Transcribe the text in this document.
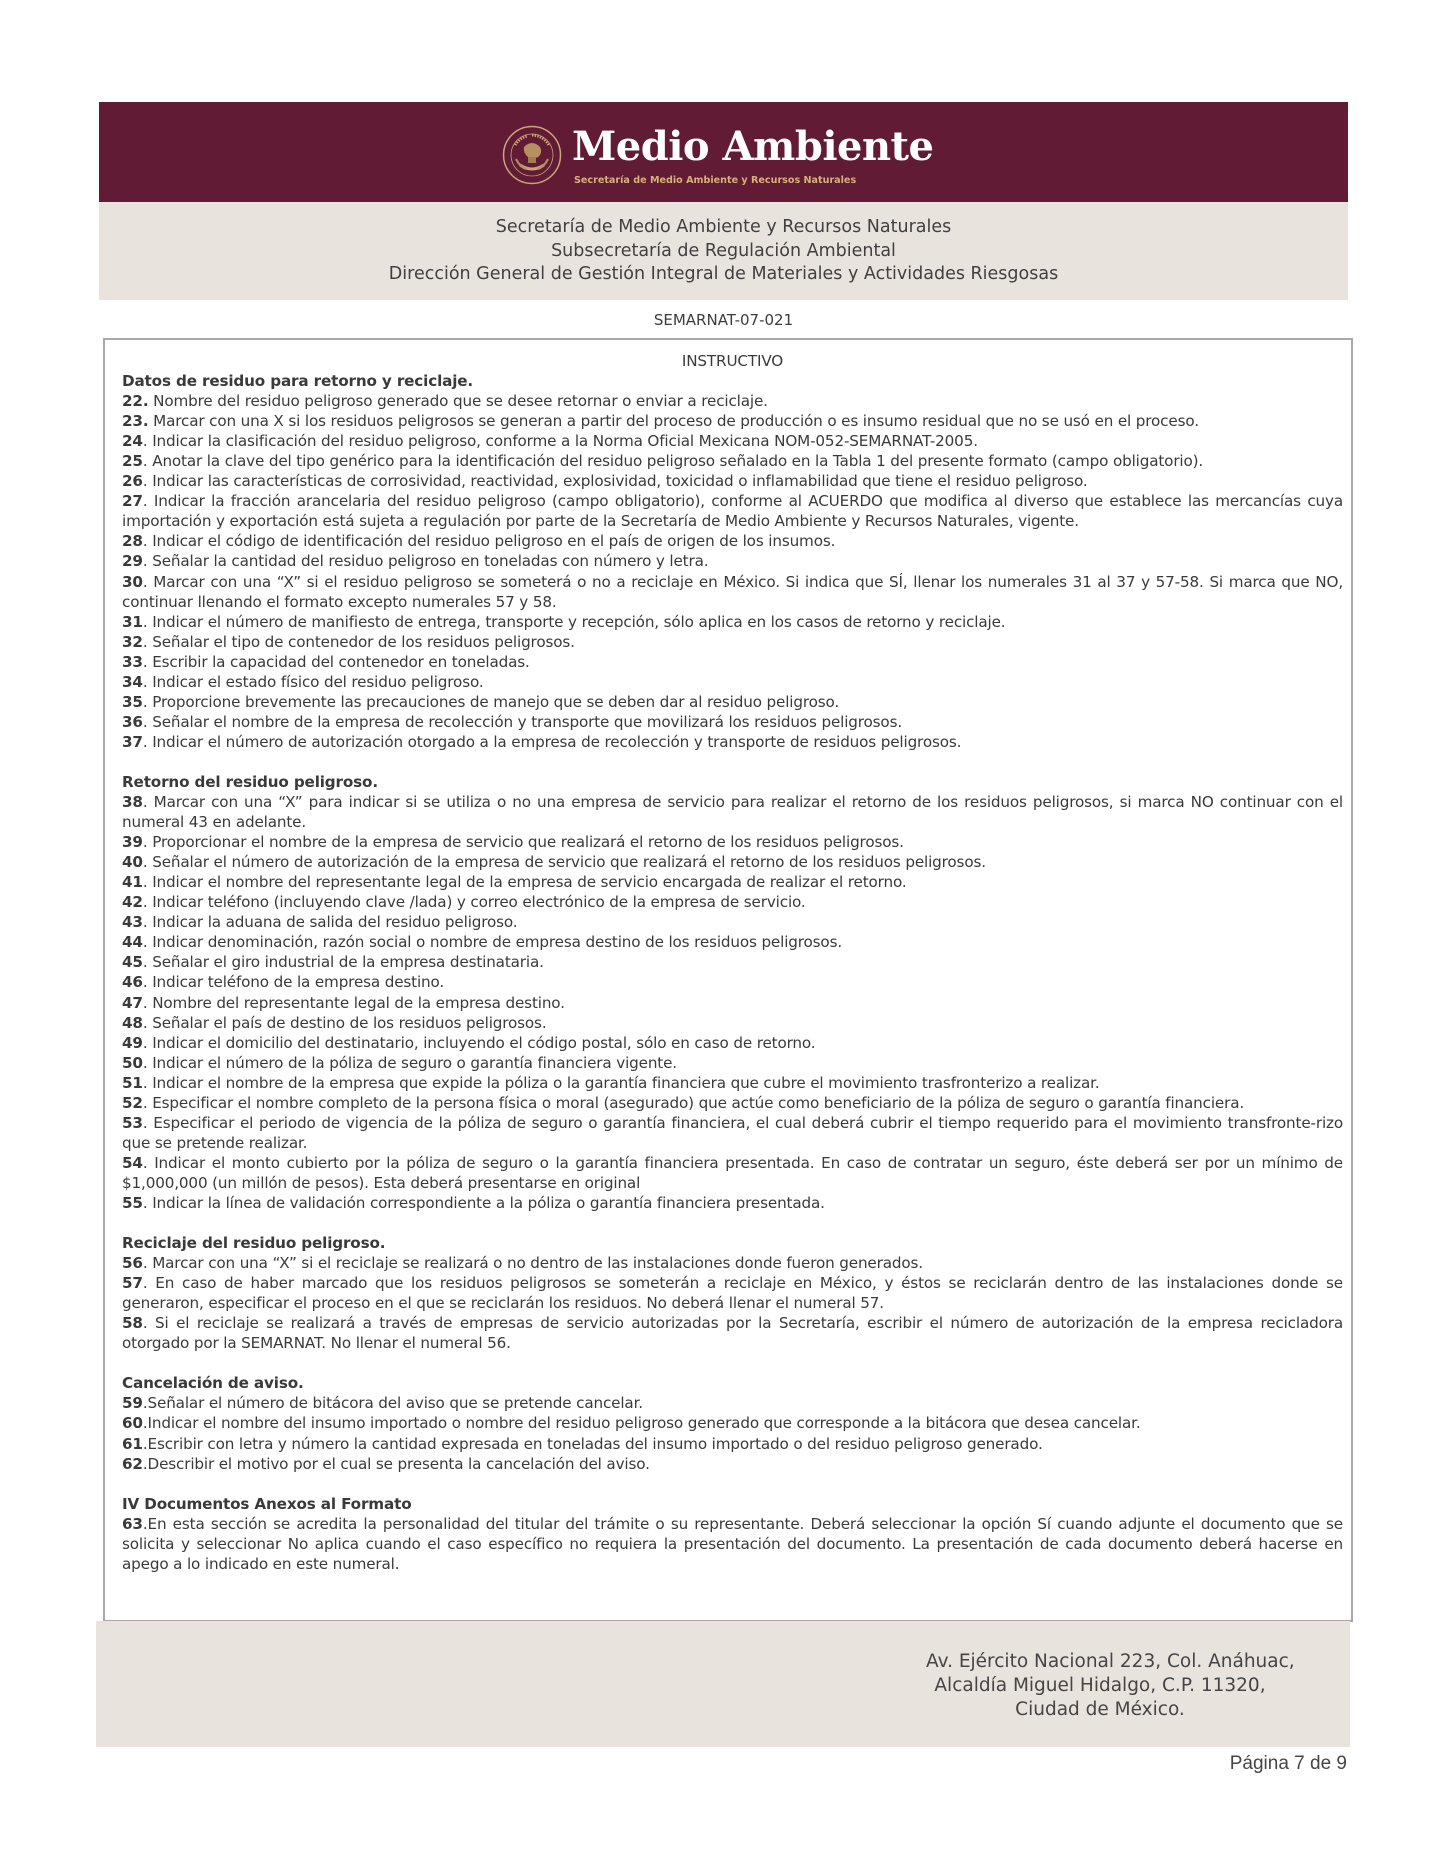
Medio Ambiente
Secretaría de Medio Ambiente y Recursos Naturales
Secretaría de Medio Ambiente y Recursos Naturales
Subsecretaría de Regulación Ambiental
Dirección General de Gestión Integral de Materiales y Actividades Riesgosas
SEMARNAT-07-021
INSTRUCTIVO
Datos de residuo para retorno y reciclaje.

22. Nombre del residuo peligroso generado que se desee retornar o enviar a reciclaje.

23. Marcar con una X si los residuos peligrosos se generan a partir del proceso de producción o es insumo residual que no se usó en el proceso.

24. Indicar la clasificación del residuo peligroso, conforme a la Norma Oficial Mexicana NOM-052-SEMARNAT-2005.

25. Anotar la clave del tipo genérico para la identificación del residuo peligroso señalado en la Tabla 1 del presente formato (campo obligatorio).

26. Indicar las características de corrosividad, reactividad, explosividad, toxicidad o inflamabilidad que tiene el residuo peligroso.

27. Indicar la fracción arancelaria del residuo peligroso (campo obligatorio), conforme al ACUERDO que modifica al diverso que establece las mercancías cuya importación y exportación está sujeta a regulación por parte de la Secretaría de Medio Ambiente y Recursos Naturales, vigente.

28. Indicar el código de identificación del residuo peligroso en el país de origen de los insumos.

29. Señalar la cantidad del residuo peligroso en toneladas con número y letra.

30. Marcar con una “X” si el residuo peligroso se someterá o no a reciclaje en México. Si indica que SÍ, llenar los numerales 31 al 37 y 57-58. Si marca que NO, continuar llenando el formato excepto numerales 57 y 58.

31. Indicar el número de manifiesto de entrega, transporte y recepción, sólo aplica en los casos de retorno y reciclaje.

32. Señalar el tipo de contenedor de los residuos peligrosos.

33. Escribir la capacidad del contenedor en toneladas.

34. Indicar el estado físico del residuo peligroso.

35. Proporcione brevemente las precauciones de manejo que se deben dar al residuo peligroso.

36. Señalar el nombre de la empresa de recolección y transporte que movilizará los residuos peligrosos.

37. Indicar el número de autorización otorgado a la empresa de recolección y transporte de residuos peligrosos.

Retorno del residuo peligroso.

38. Marcar con una “X” para indicar si se utiliza o no una empresa de servicio para realizar el retorno de los residuos peligrosos, si marca NO continuar con el numeral 43 en adelante.

39. Proporcionar el nombre de la empresa de servicio que realizará el retorno de los residuos peligrosos.

40. Señalar el número de autorización de la empresa de servicio que realizará el retorno de los residuos peligrosos.

41. Indicar el nombre del representante legal de la empresa de servicio encargada de realizar el retorno.

42. Indicar teléfono (incluyendo clave /lada) y correo electrónico de la empresa de servicio.

43. Indicar la aduana de salida del residuo peligroso.

44. Indicar denominación, razón social o nombre de empresa destino de los residuos peligrosos.

45. Señalar el giro industrial de la empresa destinataria.

46. Indicar teléfono de la empresa destino.

47. Nombre del representante legal de la empresa destino.

48. Señalar el país de destino de los residuos peligrosos.

49. Indicar el domicilio del destinatario, incluyendo el código postal, sólo en caso de retorno.

50. Indicar el número de la póliza de seguro o garantía financiera vigente.

51. Indicar el nombre de la empresa que expide la póliza o la garantía financiera que cubre el movimiento trasfronterizo a realizar.

52. Especificar el nombre completo de la persona física o moral (asegurado) que actúe como beneficiario de la póliza de seguro o garantía financiera.

53. Especificar el periodo de vigencia de la póliza de seguro o garantía financiera, el cual deberá cubrir el tiempo requerido para el movimiento transfronte-rizo que se pretende realizar.

54. Indicar el monto cubierto por la póliza de seguro o la garantía financiera presentada. En caso de contratar un seguro, éste deberá ser por un mínimo de $1,000,000 (un millón de pesos). Esta deberá presentarse en original

55. Indicar la línea de validación correspondiente a la póliza o garantía financiera presentada.

Reciclaje del residuo peligroso.

56. Marcar con una “X” si el reciclaje se realizará o no dentro de las instalaciones donde fueron generados.

57. En caso de haber marcado que los residuos peligrosos se someterán a reciclaje en México, y éstos se reciclarán dentro de las instalaciones donde se generaron, especificar el proceso en el que se reciclarán los residuos. No deberá llenar el numeral 57.

58. Si el reciclaje se realizará a través de empresas de servicio autorizadas por la Secretaría, escribir el número de autorización de la empresa recicladora otorgado por la SEMARNAT. No llenar el numeral 56.

Cancelación de aviso.

59.Señalar el número de bitácora del aviso que se pretende cancelar.

60.Indicar el nombre del insumo importado o nombre del residuo peligroso generado que corresponde a la bitácora que desea cancelar.

61.Escribir con letra y número la cantidad expresada en toneladas del insumo importado o del residuo peligroso generado.

62.Describir el motivo por el cual se presenta la cancelación del aviso.

IV Documentos Anexos al Formato

63.En esta sección se acredita la personalidad del titular del trámite o su representante. Deberá seleccionar la opción Sí cuando adjunte el documento que se solicita y seleccionar No aplica cuando el caso específico no requiera la presentación del documento. La presentación de cada documento deberá hacerse en apego a lo indicado en este numeral.

Av. Ejército Nacional 223, Col. Anáhuac,
Alcaldía Miguel Hidalgo, C.P. 11320,
Ciudad de México.
Página 7 de 9
